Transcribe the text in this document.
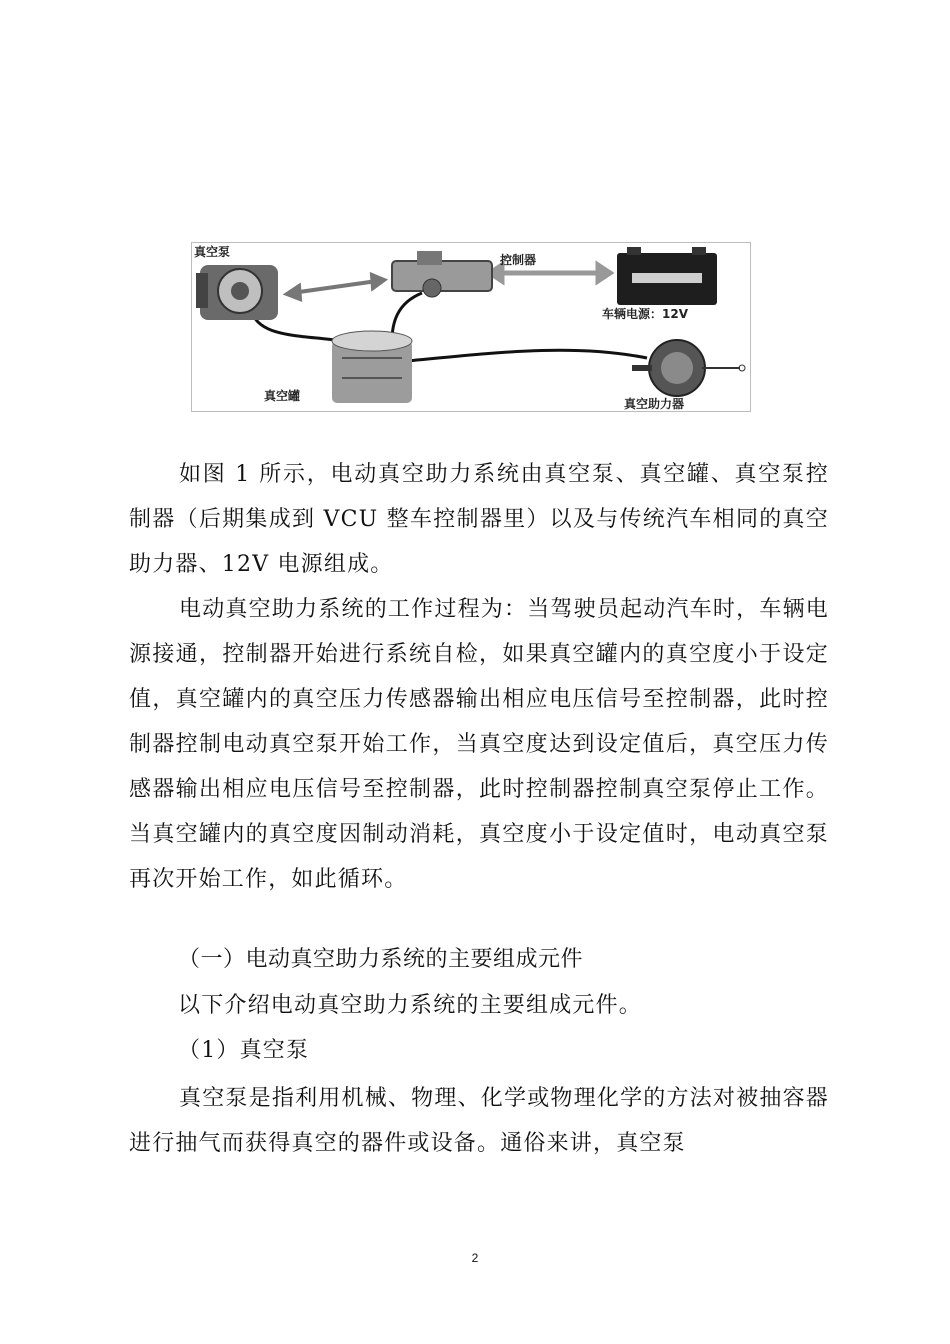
真空泵
控制器
车辆电源：12V
真空罐
真空助力器

如图 1 所示，电动真空助力系统由真空泵、真空罐、真空泵控制器（后期集成到 VCU 整车控制器里）以及与传统汽车相同的真空助力器、12V 电源组成。

电动真空助力系统的工作过程为：当驾驶员起动汽车时，车辆电源接通，控制器开始进行系统自检，如果真空罐内的真空度小于设定值，真空罐内的真空压力传感器输出相应电压信号至控制器，此时控制器控制电动真空泵开始工作，当真空度达到设定值后，真空压力传感器输出相应电压信号至控制器，此时控制器控制真空泵停止工作。当真空罐内的真空度因制动消耗，真空度小于设定值时，电动真空泵再次开始工作，如此循环。

（一）电动真空助力系统的主要组成元件
以下介绍电动真空助力系统的主要组成元件。
（1）真空泵

真空泵是指利用机械、物理、化学或物理化学的方法对被抽容器进行抽气而获得真空的器件或设备。通俗来讲，真空泵

2
